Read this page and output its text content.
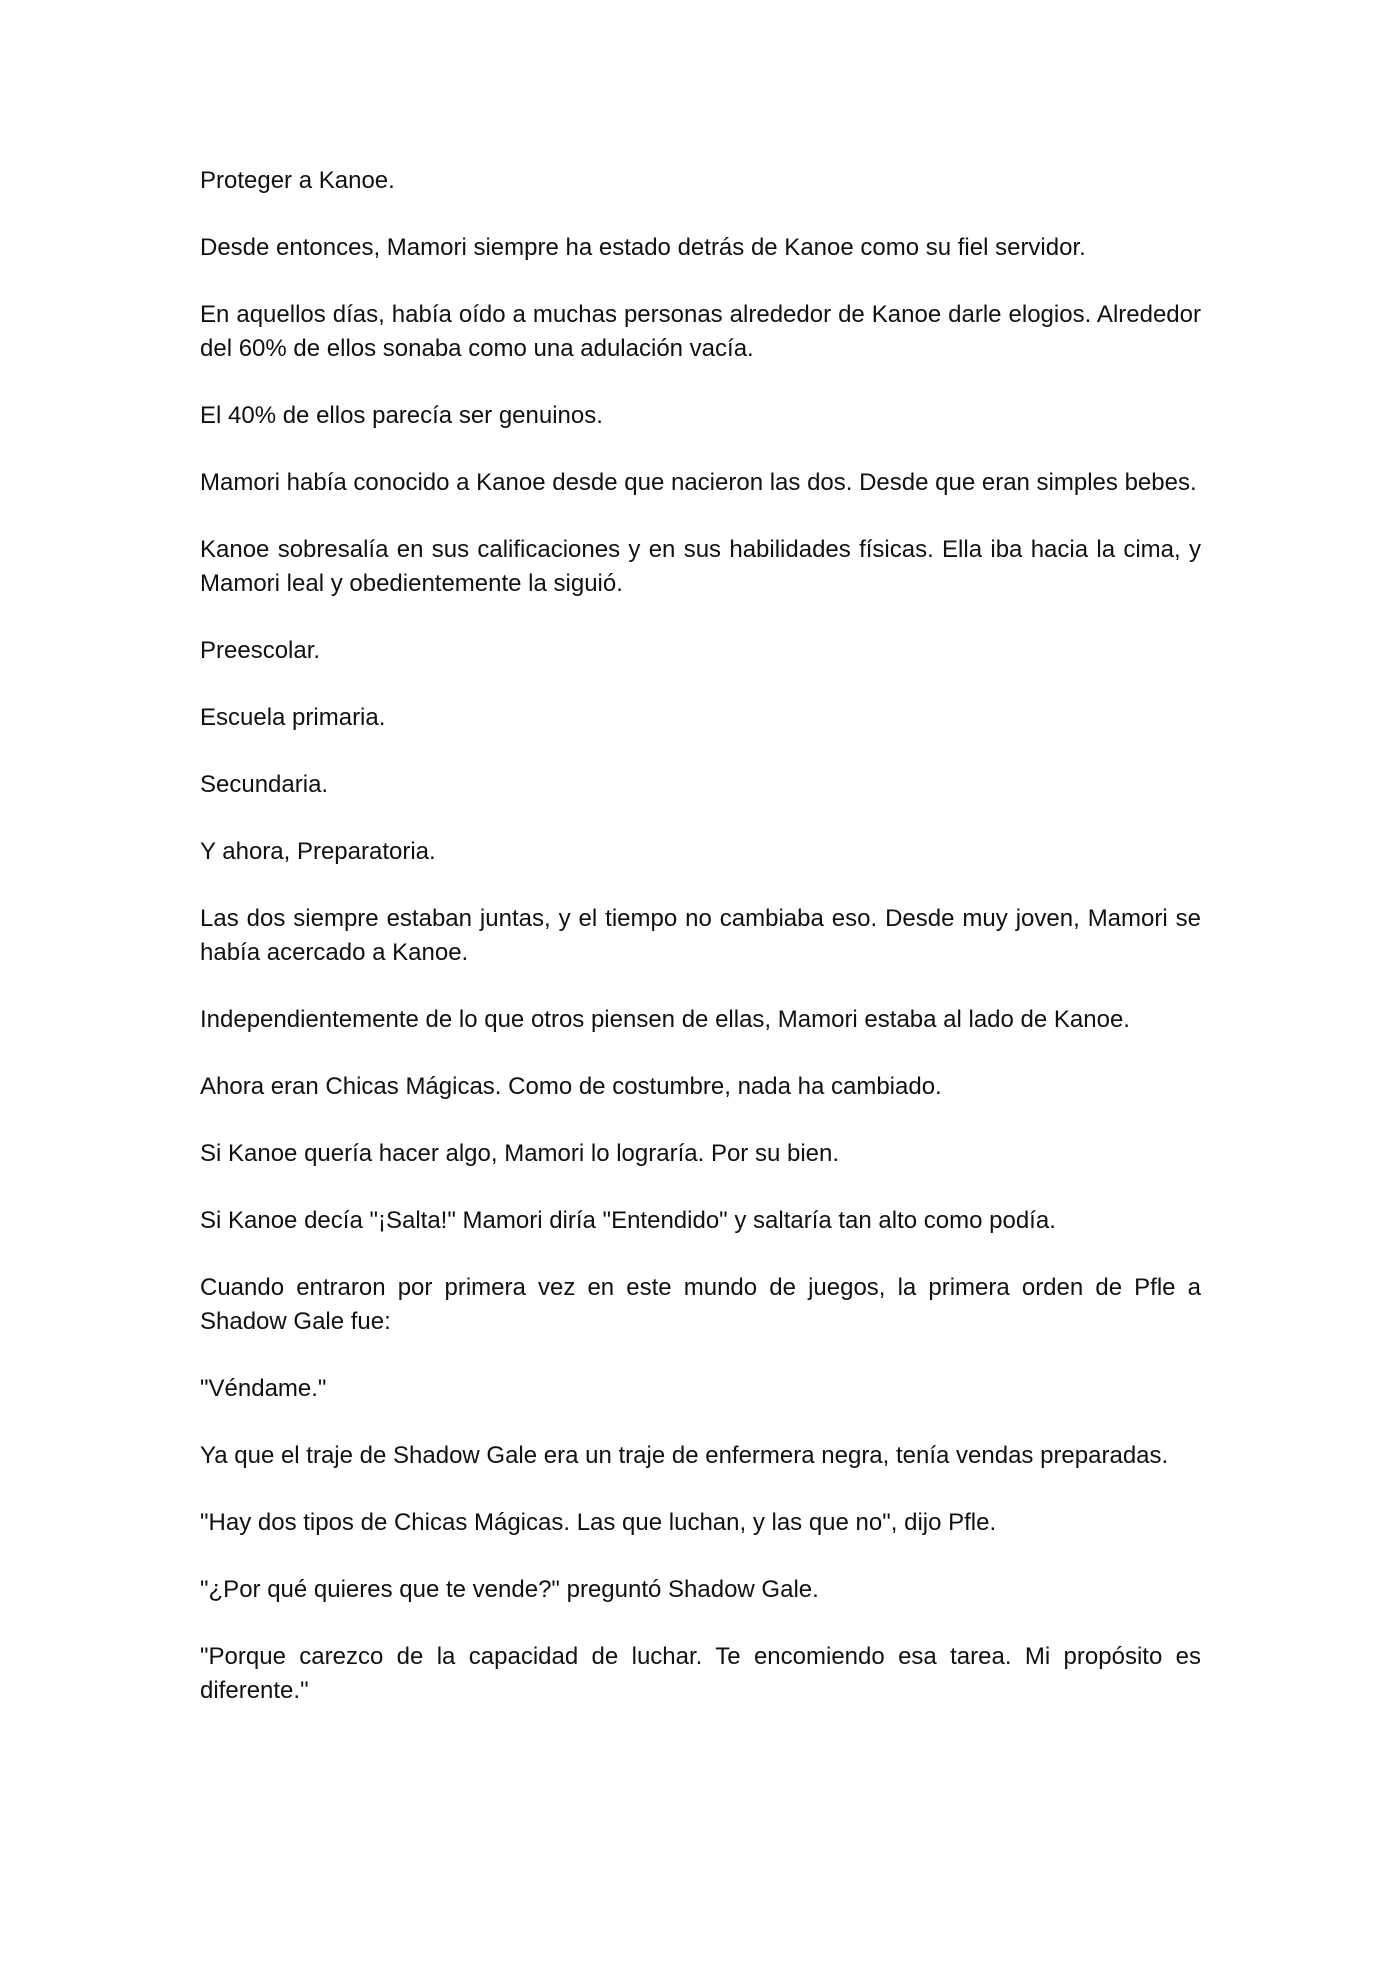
Proteger a Kanoe.

Desde entonces, Mamori siempre ha estado detrás de Kanoe como su fiel servidor.

En aquellos días, había oído a muchas personas alrededor de Kanoe darle elogios. Alrededor del 60% de ellos sonaba como una adulación vacía.

El 40% de ellos parecía ser genuinos.

Mamori había conocido a Kanoe desde que nacieron las dos. Desde que eran simples bebes.

Kanoe sobresalía en sus calificaciones y en sus habilidades físicas. Ella iba hacia la cima, y Mamori leal y obedientemente la siguió.

Preescolar.

Escuela primaria.

Secundaria.

Y ahora, Preparatoria.

Las dos siempre estaban juntas, y el tiempo no cambiaba eso. Desde muy joven, Mamori se había acercado a Kanoe.

Independientemente de lo que otros piensen de ellas, Mamori estaba al lado de Kanoe.

Ahora eran Chicas Mágicas. Como de costumbre, nada ha cambiado.

Si Kanoe quería hacer algo, Mamori lo lograría. Por su bien.

Si Kanoe decía "¡Salta!" Mamori diría "Entendido" y saltaría tan alto como podía.

Cuando entraron por primera vez en este mundo de juegos, la primera orden de Pfle a Shadow Gale fue:

"Véndame."

Ya que el traje de Shadow Gale era un traje de enfermera negra, tenía vendas preparadas.

"Hay dos tipos de Chicas Mágicas. Las que luchan, y las que no", dijo Pfle.

"¿Por qué quieres que te vende?" preguntó Shadow Gale.

"Porque carezco de la capacidad de luchar. Te encomiendo esa tarea. Mi propósito es diferente."
